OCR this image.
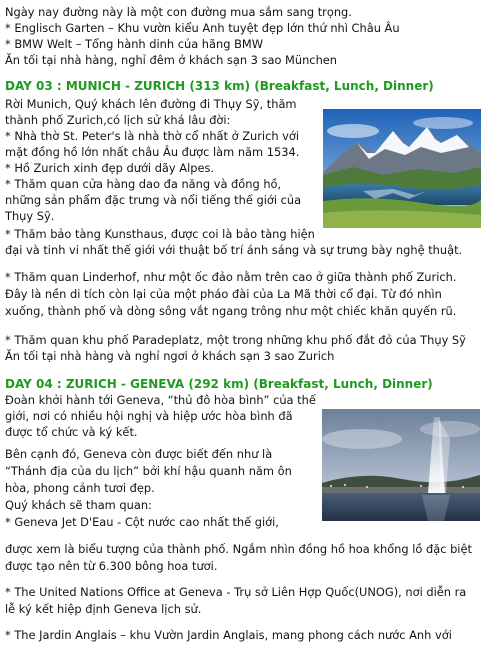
Ngày nay đường này là một con đường mua sắm sang trọng.
* Englisch Garten – Khu vườn kiểu Anh tuyệt đẹp lớn thứ nhì Châu Âu
* BMW Welt – Tổng hành dinh của hãng BMW
Ăn tối tại nhà hàng, nghỉ đêm ở khách sạn 3 sao München
DAY 03 : MUNICH - ZURICH (313 km) (Breakfast, Lunch, Dinner)
Rời Munich, Quý khách lên đường đi Thụy Sỹ, thăm
thành phố Zurich,có lịch sử khá lâu đời:
* Nhà thờ St. Peter's là nhà thờ cổ nhất ở Zurich với
mặt đồng hồ lớn nhất châu Âu được làm năm 1534.
* Hồ Zurich xinh đẹp dưới dãy Alpes.
* Thăm quan cửa hàng dao đa năng và đồng hồ,
những sản phẩm đặc trưng và nổi tiếng thế giới của
Thụy Sỹ.
* Thăm bảo tàng Kunsthaus, được coi là bảo tàng hiện
đại và tinh vi nhất thế giới với thuật bố trí ánh sáng và sự trưng bày nghệ thuật.
* Thăm quan Linderhof, như một ốc đảo nằm trên cao ở giữa thành phố Zurich.
Đây là nền di tích còn lại của một pháo đài của La Mã thời cổ đại. Từ đó nhìn
xuống, thành phố và dòng sông vắt ngang trông như một chiếc khăn quyến rũ.
* Thăm quan khu phố Paradeplatz, một trong những khu phố đắt đỏ của Thụy Sỹ
Ăn tối tại nhà hàng và nghỉ ngơi ở khách sạn 3 sao Zurich
DAY 04 : ZURICH - GENEVA (292 km) (Breakfast, Lunch, Dinner)
Đoàn khởi hành tới Geneva, “thủ đô hòa bình” của thế
giới, nơi có nhiều hội nghị và hiệp ước hòa bình đã
được tổ chức và ký kết.
Bên cạnh đó, Geneva còn được biết đến như là
“Thánh địa của du lịch” bởi khí hậu quanh năm ôn
hòa, phong cảnh tươi đẹp.
Quý khách sẽ tham quan:
* Geneva Jet D'Eau - Cột nước cao nhất thế giới,
được xem là biểu tượng của thành phố. Ngắm nhìn đồng hồ hoa khổng lồ đặc biệt
được tạo nên từ 6.300 bông hoa tươi.
* The United Nations Office at Geneva - Trụ sở Liên Hợp Quốc(UNOG), nơi diễn ra
lễ ký kết hiệp định Geneva lịch sử.
* The Jardin Anglais – khu Vườn Jardin Anglais, mang phong cách nước Anh với
